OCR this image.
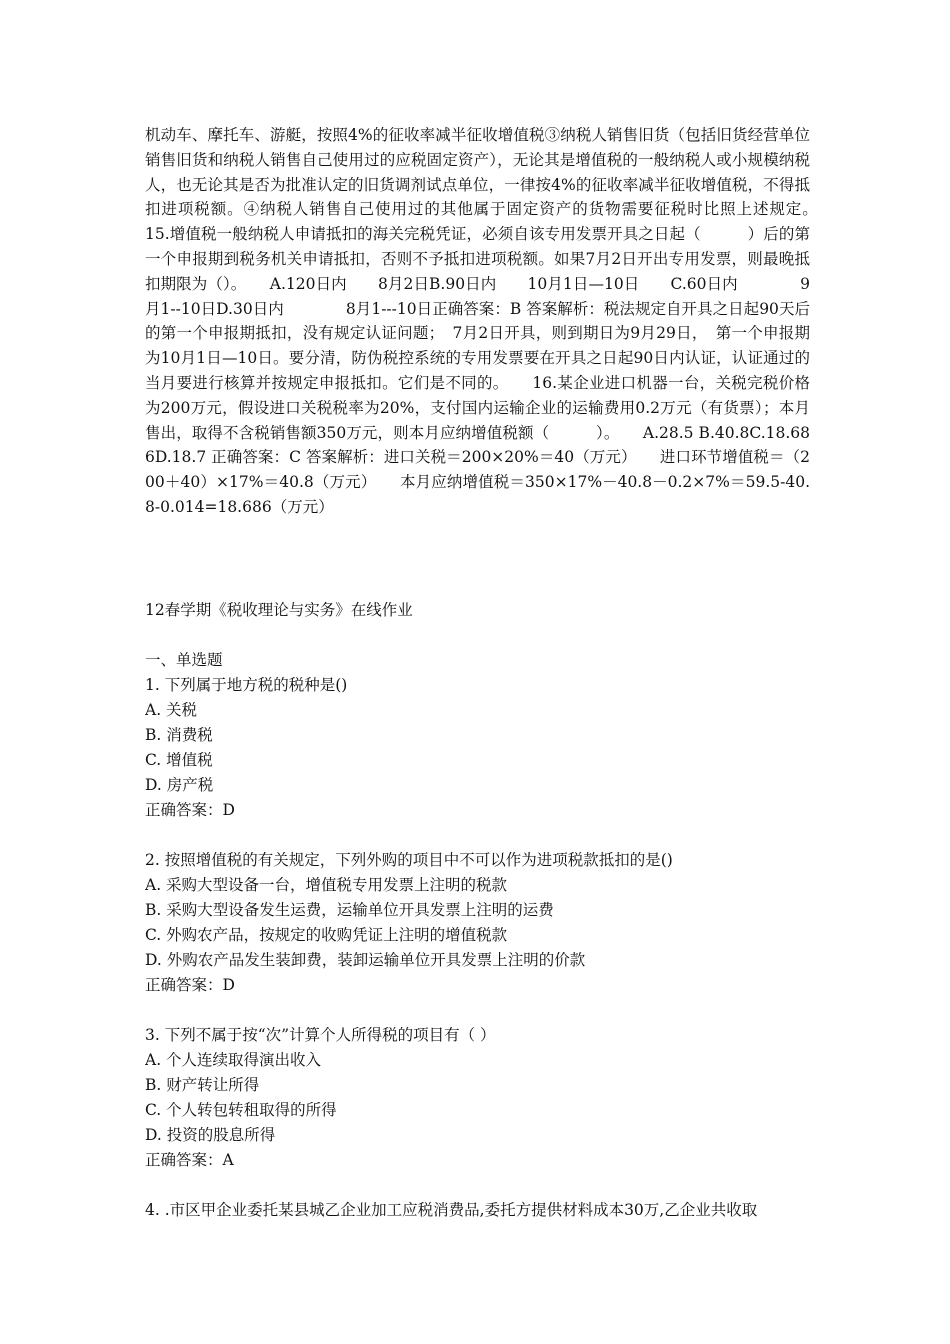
机动车、摩托车、游艇，按照4%的征收率减半征收增值税③纳税人销售旧货（包括旧货经营单位销售旧货和纳税人销售自己使用过的应税固定资产），无论其是增值税的一般纳税人或小规模纳税人，也无论其是否为批准认定的旧货调剂试点单位，一律按4%的征收率减半征收增值税，不得抵扣进项税额。④纳税人销售自己使用过的其他属于固定资产的货物需要征税时比照上述规定。　　15.增值税一般纳税人申请抵扣的海关完税凭证，必须自该专用发票开具之日起（　　　）后的第一个申报期到税务机关申请抵扣，否则不予抵扣进项税额。如果7月2日开出专用发票，则最晚抵扣期限为（）。　　A.120日内　　8月2日B.90日内　　10月1日—10日　　C.60日内　　　　9月1--10日D.30日内　　　　8月1---10日正确答案：B 答案解析：税法规定自开具之日起90天后的第一个申报期抵扣，没有规定认证问题；　7月2日开具，则到期日为9月29日，　第一个申报期为10月1日—10日。要分清，防伪税控系统的专用发票要在开具之日起90日内认证，认证通过的当月要进行核算并按规定申报抵扣。它们是不同的。　　16.某企业进口机器一台，关税完税价格为200万元，假设进口关税税率为20%，支付国内运输企业的运输费用0.2万元（有货票）；本月售出，取得不含税销售额350万元，则本月应纳增值税额（　　　）。　　A.28.5 B.40.8C.18.686D.18.7 正确答案：C 答案解析：进口关税＝200×20%＝40（万元）　　进口环节增值税＝（200＋40）×17%＝40.8（万元）　　本月应纳增值税＝350×17%－40.8－0.2×7%＝59.5-40.8-0.014=18.686（万元）

12春学期《税收理论与实务》在线作业
一、单选题
1. 下列属于地方税的税种是()
A. 关税
B. 消费税
C. 增值税
D. 房产税
正确答案：D
2. 按照增值税的有关规定，下列外购的项目中不可以作为进项税款抵扣的是()
A. 采购大型设备一台，增值税专用发票上注明的税款
B. 采购大型设备发生运费，运输单位开具发票上注明的运费
C. 外购农产品，按规定的收购凭证上注明的增值税款
D. 外购农产品发生装卸费，装卸运输单位开具发票上注明的价款
正确答案：D
3. 下列不属于按“次”计算个人所得税的项目有（ ）
A. 个人连续取得演出收入
B. 财产转让所得
C. 个人转包转租取得的所得
D. 投资的股息所得
正确答案：A
4. .市区甲企业委托某县城乙企业加工应税消费品,委托方提供材料成本30万,乙企业共收取
